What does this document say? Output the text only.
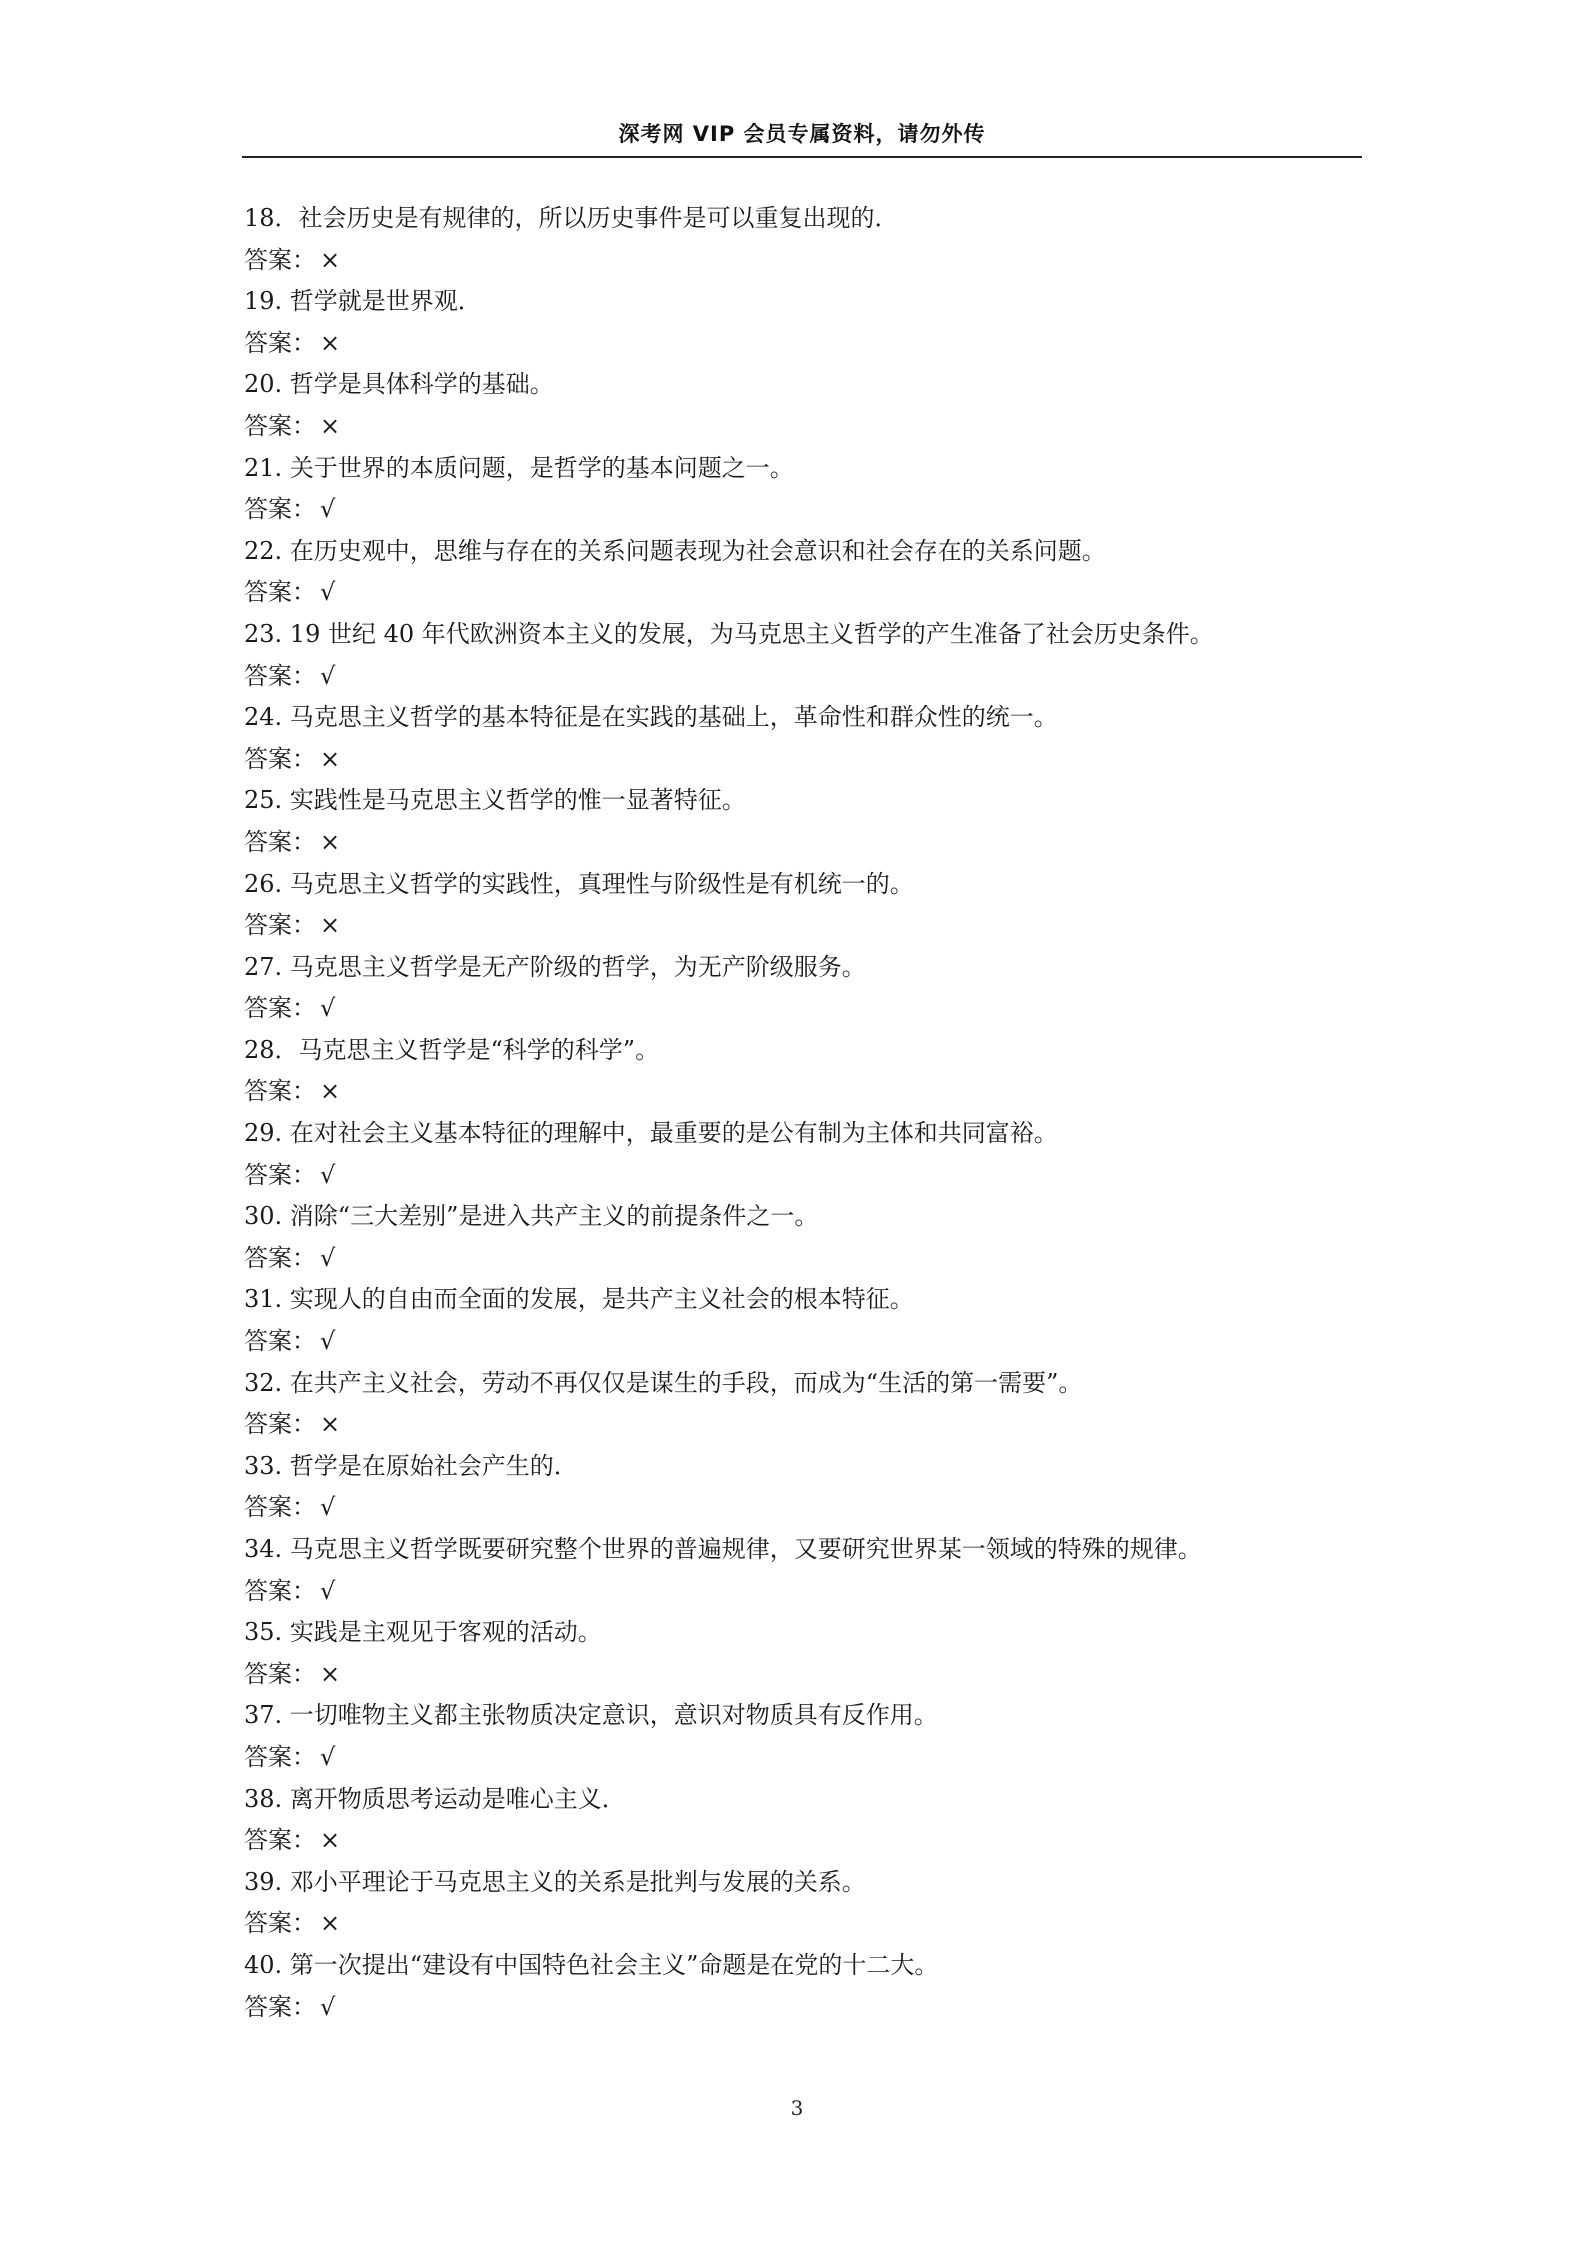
深考网 VIP 会员专属资料，请勿外传
18．社会历史是有规律的，所以历史事件是可以重复出现的．
答案： ×
19. 哲学就是世界观．
答案： ×
20. 哲学是具体科学的基础。
答案： ×
21. 关于世界的本质问题，是哲学的基本问题之一。
答案： √
22. 在历史观中，思维与存在的关系问题表现为社会意识和社会存在的关系问题。
答案： √
23. 19 世纪 40 年代欧洲资本主义的发展，为马克思主义哲学的产生准备了社会历史条件。
答案： √
24. 马克思主义哲学的基本特征是在实践的基础上，革命性和群众性的统一。
答案： ×
25. 实践性是马克思主义哲学的惟一显著特征。
答案： ×
26. 马克思主义哲学的实践性，真理性与阶级性是有机统一的。
答案： ×
27. 马克思主义哲学是无产阶级的哲学，为无产阶级服务。
答案： √
28．马克思主义哲学是“科学的科学”。
答案： ×
29. 在对社会主义基本特征的理解中，最重要的是公有制为主体和共同富裕。
答案： √
30. 消除“三大差别”是进入共产主义的前提条件之一。
答案： √
31. 实现人的自由而全面的发展，是共产主义社会的根本特征。
答案： √
32. 在共产主义社会，劳动不再仅仅是谋生的手段，而成为“生活的第一需要”。
答案： ×
33. 哲学是在原始社会产生的．
答案： √
34. 马克思主义哲学既要研究整个世界的普遍规律，又要研究世界某一领域的特殊的规律。
答案： √
35. 实践是主观见于客观的活动。
答案： ×
37. 一切唯物主义都主张物质决定意识，意识对物质具有反作用。
答案： √
38. 离开物质思考运动是唯心主义．
答案： ×
39. 邓小平理论于马克思主义的关系是批判与发展的关系。
答案： ×
40. 第一次提出“建设有中国特色社会主义”命题是在党的十二大。
答案： √
3
